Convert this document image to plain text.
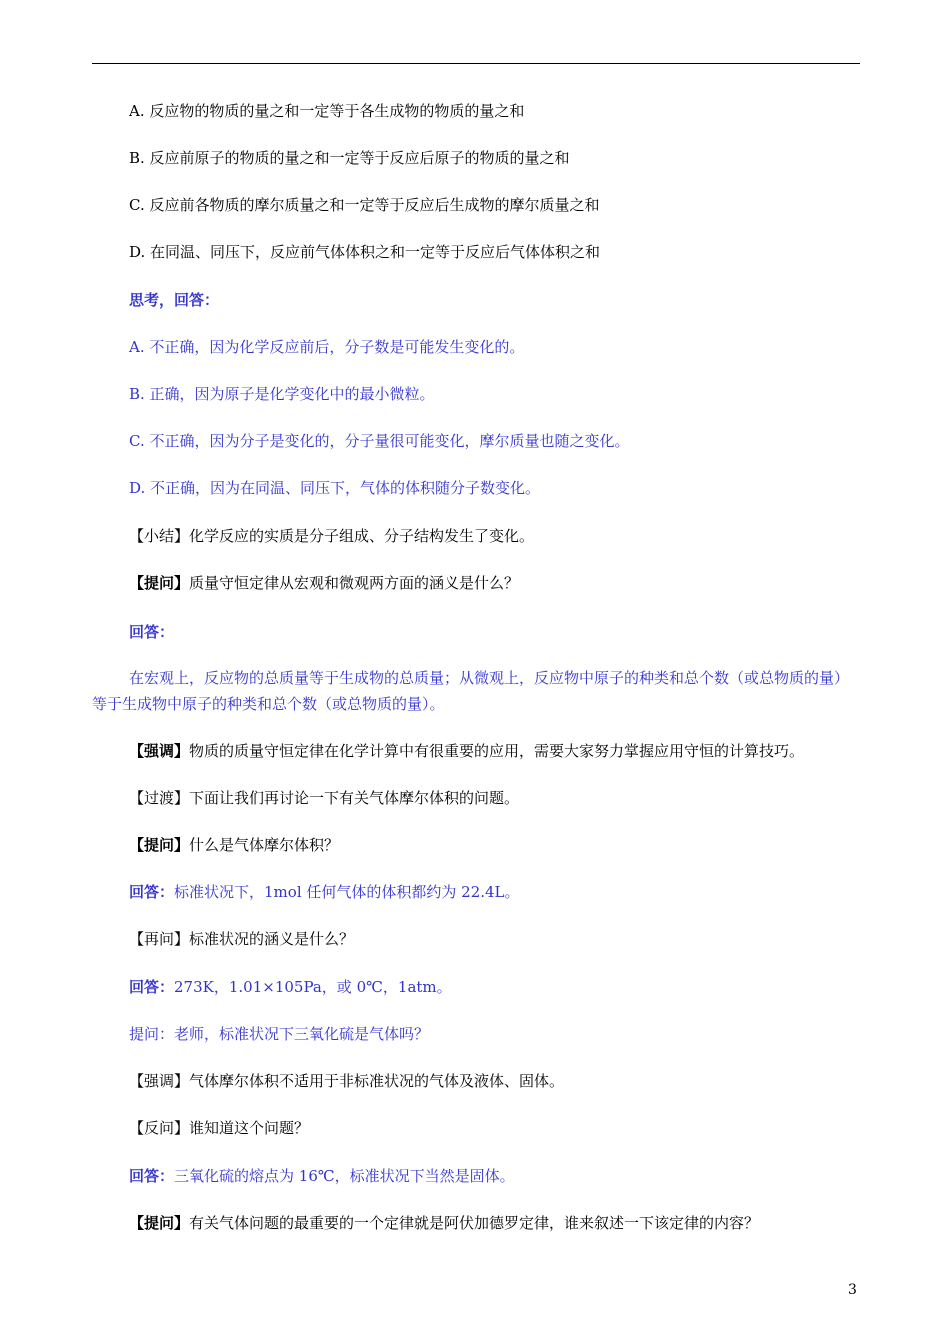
A. 反应物的物质的量之和一定等于各生成物的物质的量之和
B. 反应前原子的物质的量之和一定等于反应后原子的物质的量之和
C. 反应前各物质的摩尔质量之和一定等于反应后生成物的摩尔质量之和
D. 在同温、同压下，反应前气体体积之和一定等于反应后气体体积之和
思考，回答：
A. 不正确，因为化学反应前后，分子数是可能发生变化的。
B. 正确，因为原子是化学变化中的最小微粒。
C. 不正确，因为分子是变化的，分子量很可能变化，摩尔质量也随之变化。
D. 不正确，因为在同温、同压下，气体的体积随分子数变化。
【小结】化学反应的实质是分子组成、分子结构发生了变化。
【提问】质量守恒定律从宏观和微观两方面的涵义是什么？
回答：
在宏观上，反应物的总质量等于生成物的总质量；从微观上，反应物中原子的种类和总个数（或总物质的量）等于生成物中原子的种类和总个数（或总物质的量）。
【强调】物质的质量守恒定律在化学计算中有很重要的应用，需要大家努力掌握应用守恒的计算技巧。
【过渡】下面让我们再讨论一下有关气体摩尔体积的问题。
【提问】什么是气体摩尔体积？
回答：标准状况下，1mol 任何气体的体积都约为 22.4L。
【再问】标准状况的涵义是什么？
回答：273K，1.01×105Pa，或 0℃，1atm。
提问：老师，标准状况下三氧化硫是气体吗？
【强调】气体摩尔体积不适用于非标准状况的气体及液体、固体。
【反问】谁知道这个问题？
回答：三氧化硫的熔点为 16℃，标准状况下当然是固体。
【提问】有关气体问题的最重要的一个定律就是阿伏加德罗定律，谁来叙述一下该定律的内容？
3
